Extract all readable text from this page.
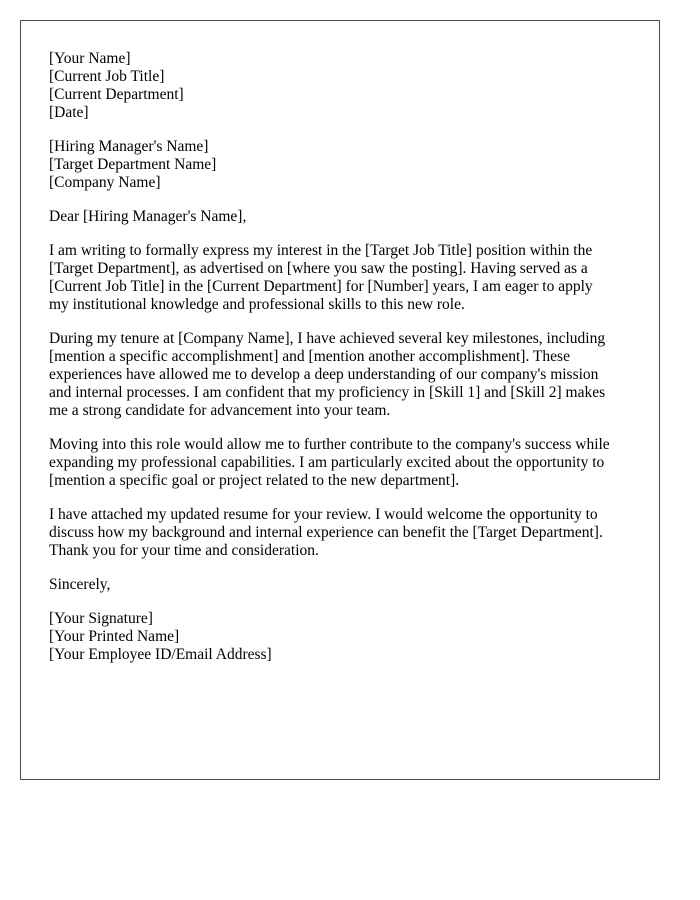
[Your Name]
[Current Job Title]
[Current Department]
[Date]
[Hiring Manager's Name]
[Target Department Name]
[Company Name]

Dear [Hiring Manager's Name],

I am writing to formally express my interest in the [Target Job Title] position within the
[Target Department], as advertised on [where you saw the posting]. Having served as a
[Current Job Title] in the [Current Department] for [Number] years, I am eager to apply
my institutional knowledge and professional skills to this new role.

During my tenure at [Company Name], I have achieved several key milestones, including
[mention a specific accomplishment] and [mention another accomplishment]. These
experiences have allowed me to develop a deep understanding of our company's mission
and internal processes. I am confident that my proficiency in [Skill 1] and [Skill 2] makes
me a strong candidate for advancement into your team.

Moving into this role would allow me to further contribute to the company's success while
expanding my professional capabilities. I am particularly excited about the opportunity to
[mention a specific goal or project related to the new department].

I have attached my updated resume for your review. I would welcome the opportunity to
discuss how my background and internal experience can benefit the [Target Department].
Thank you for your time and consideration.

Sincerely,

[Your Signature]
[Your Printed Name]
[Your Employee ID/Email Address]
